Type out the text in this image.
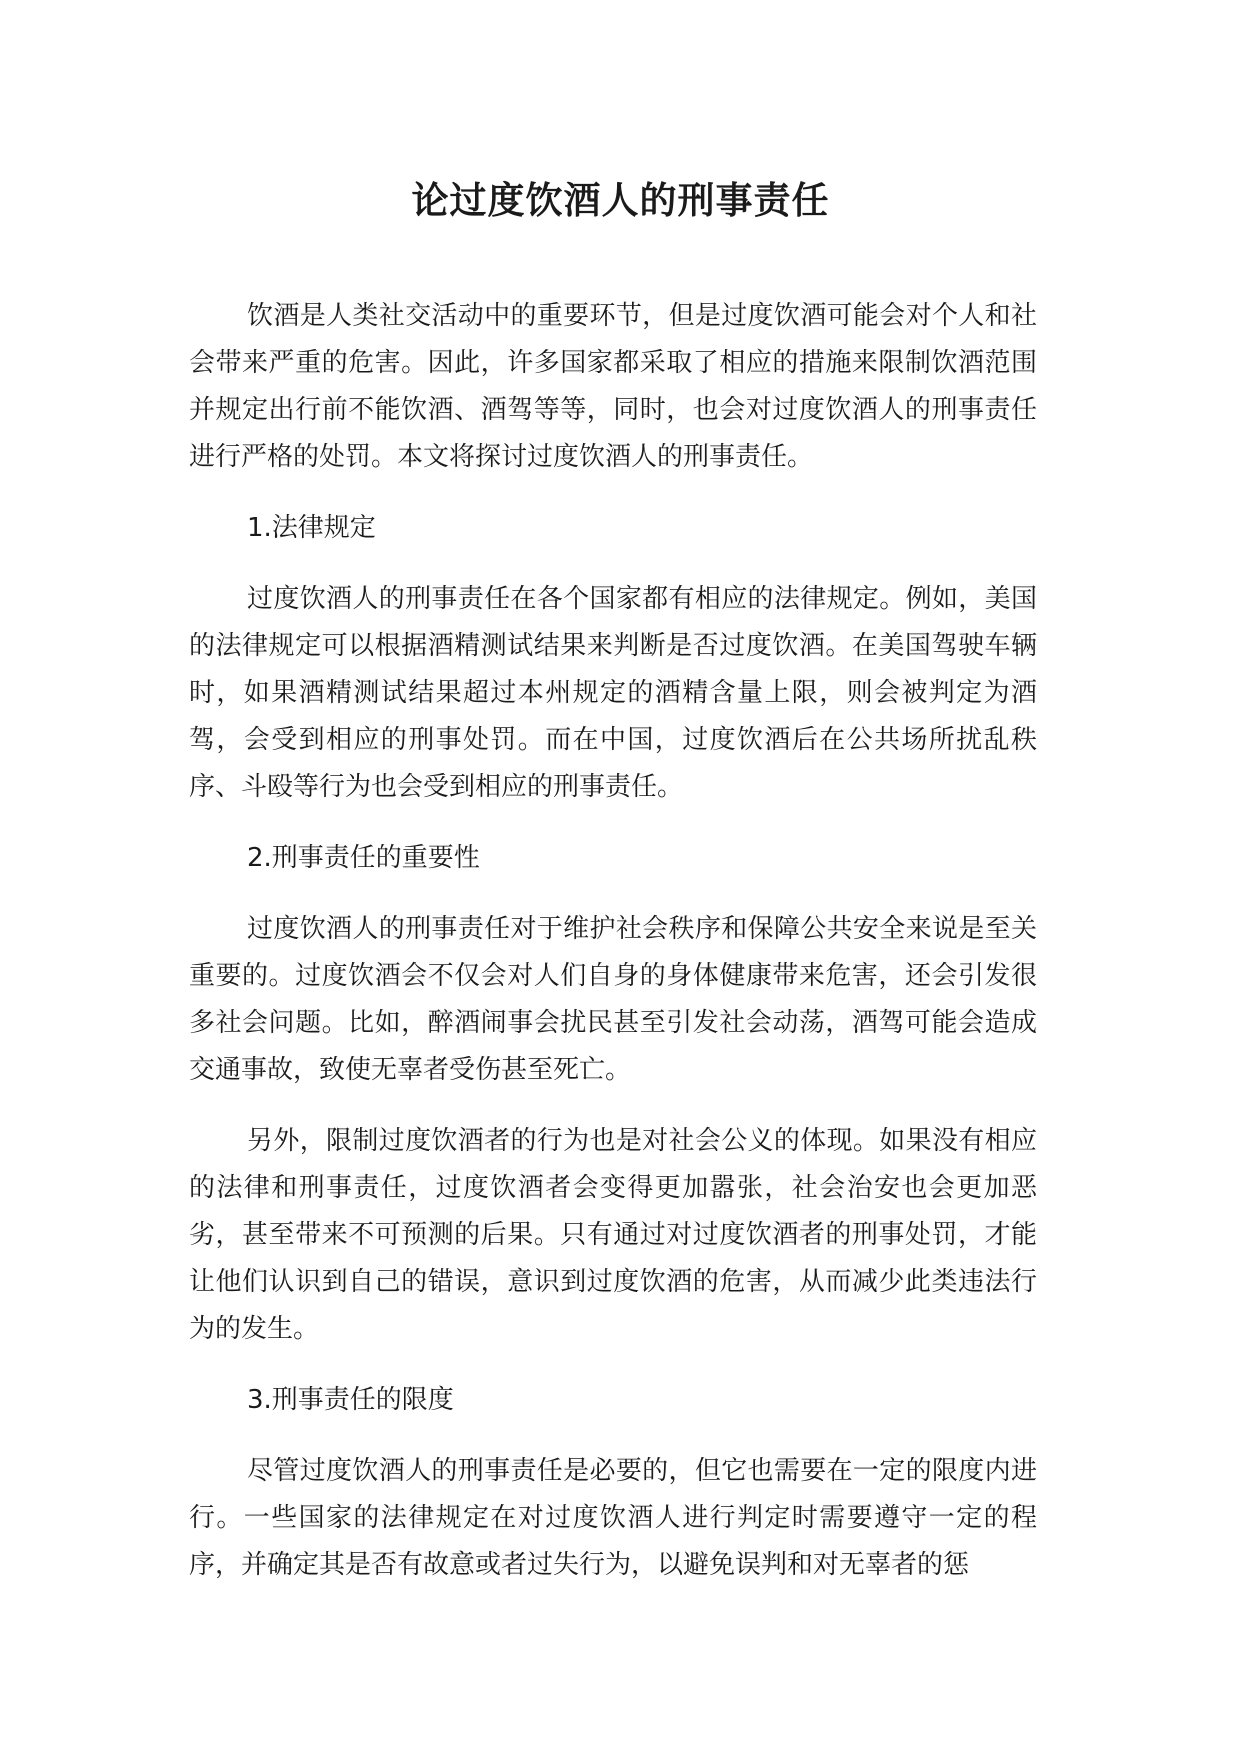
论过度饮酒人的刑事责任

饮酒是人类社交活动中的重要环节，但是过度饮酒可能会对个人和社会带来严重的危害。因此，许多国家都采取了相应的措施来限制饮酒范围并规定出行前不能饮酒、酒驾等等，同时，也会对过度饮酒人的刑事责任进行严格的处罚。本文将探讨过度饮酒人的刑事责任。

1.法律规定

过度饮酒人的刑事责任在各个国家都有相应的法律规定。例如，美国的法律规定可以根据酒精测试结果来判断是否过度饮酒。在美国驾驶车辆时，如果酒精测试结果超过本州规定的酒精含量上限，则会被判定为酒驾，会受到相应的刑事处罚。而在中国，过度饮酒后在公共场所扰乱秩序、斗殴等行为也会受到相应的刑事责任。

2.刑事责任的重要性

过度饮酒人的刑事责任对于维护社会秩序和保障公共安全来说是至关重要的。过度饮酒会不仅会对人们自身的身体健康带来危害，还会引发很多社会问题。比如，醉酒闹事会扰民甚至引发社会动荡，酒驾可能会造成交通事故，致使无辜者受伤甚至死亡。

另外，限制过度饮酒者的行为也是对社会公义的体现。如果没有相应的法律和刑事责任，过度饮酒者会变得更加嚣张，社会治安也会更加恶劣，甚至带来不可预测的后果。只有通过对过度饮酒者的刑事处罚，才能让他们认识到自己的错误，意识到过度饮酒的危害，从而减少此类违法行为的发生。

3.刑事责任的限度

尽管过度饮酒人的刑事责任是必要的，但它也需要在一定的限度内进行。一些国家的法律规定在对过度饮酒人进行判定时需要遵守一定的程序，并确定其是否有故意或者过失行为，以避免误判和对无辜者的惩
